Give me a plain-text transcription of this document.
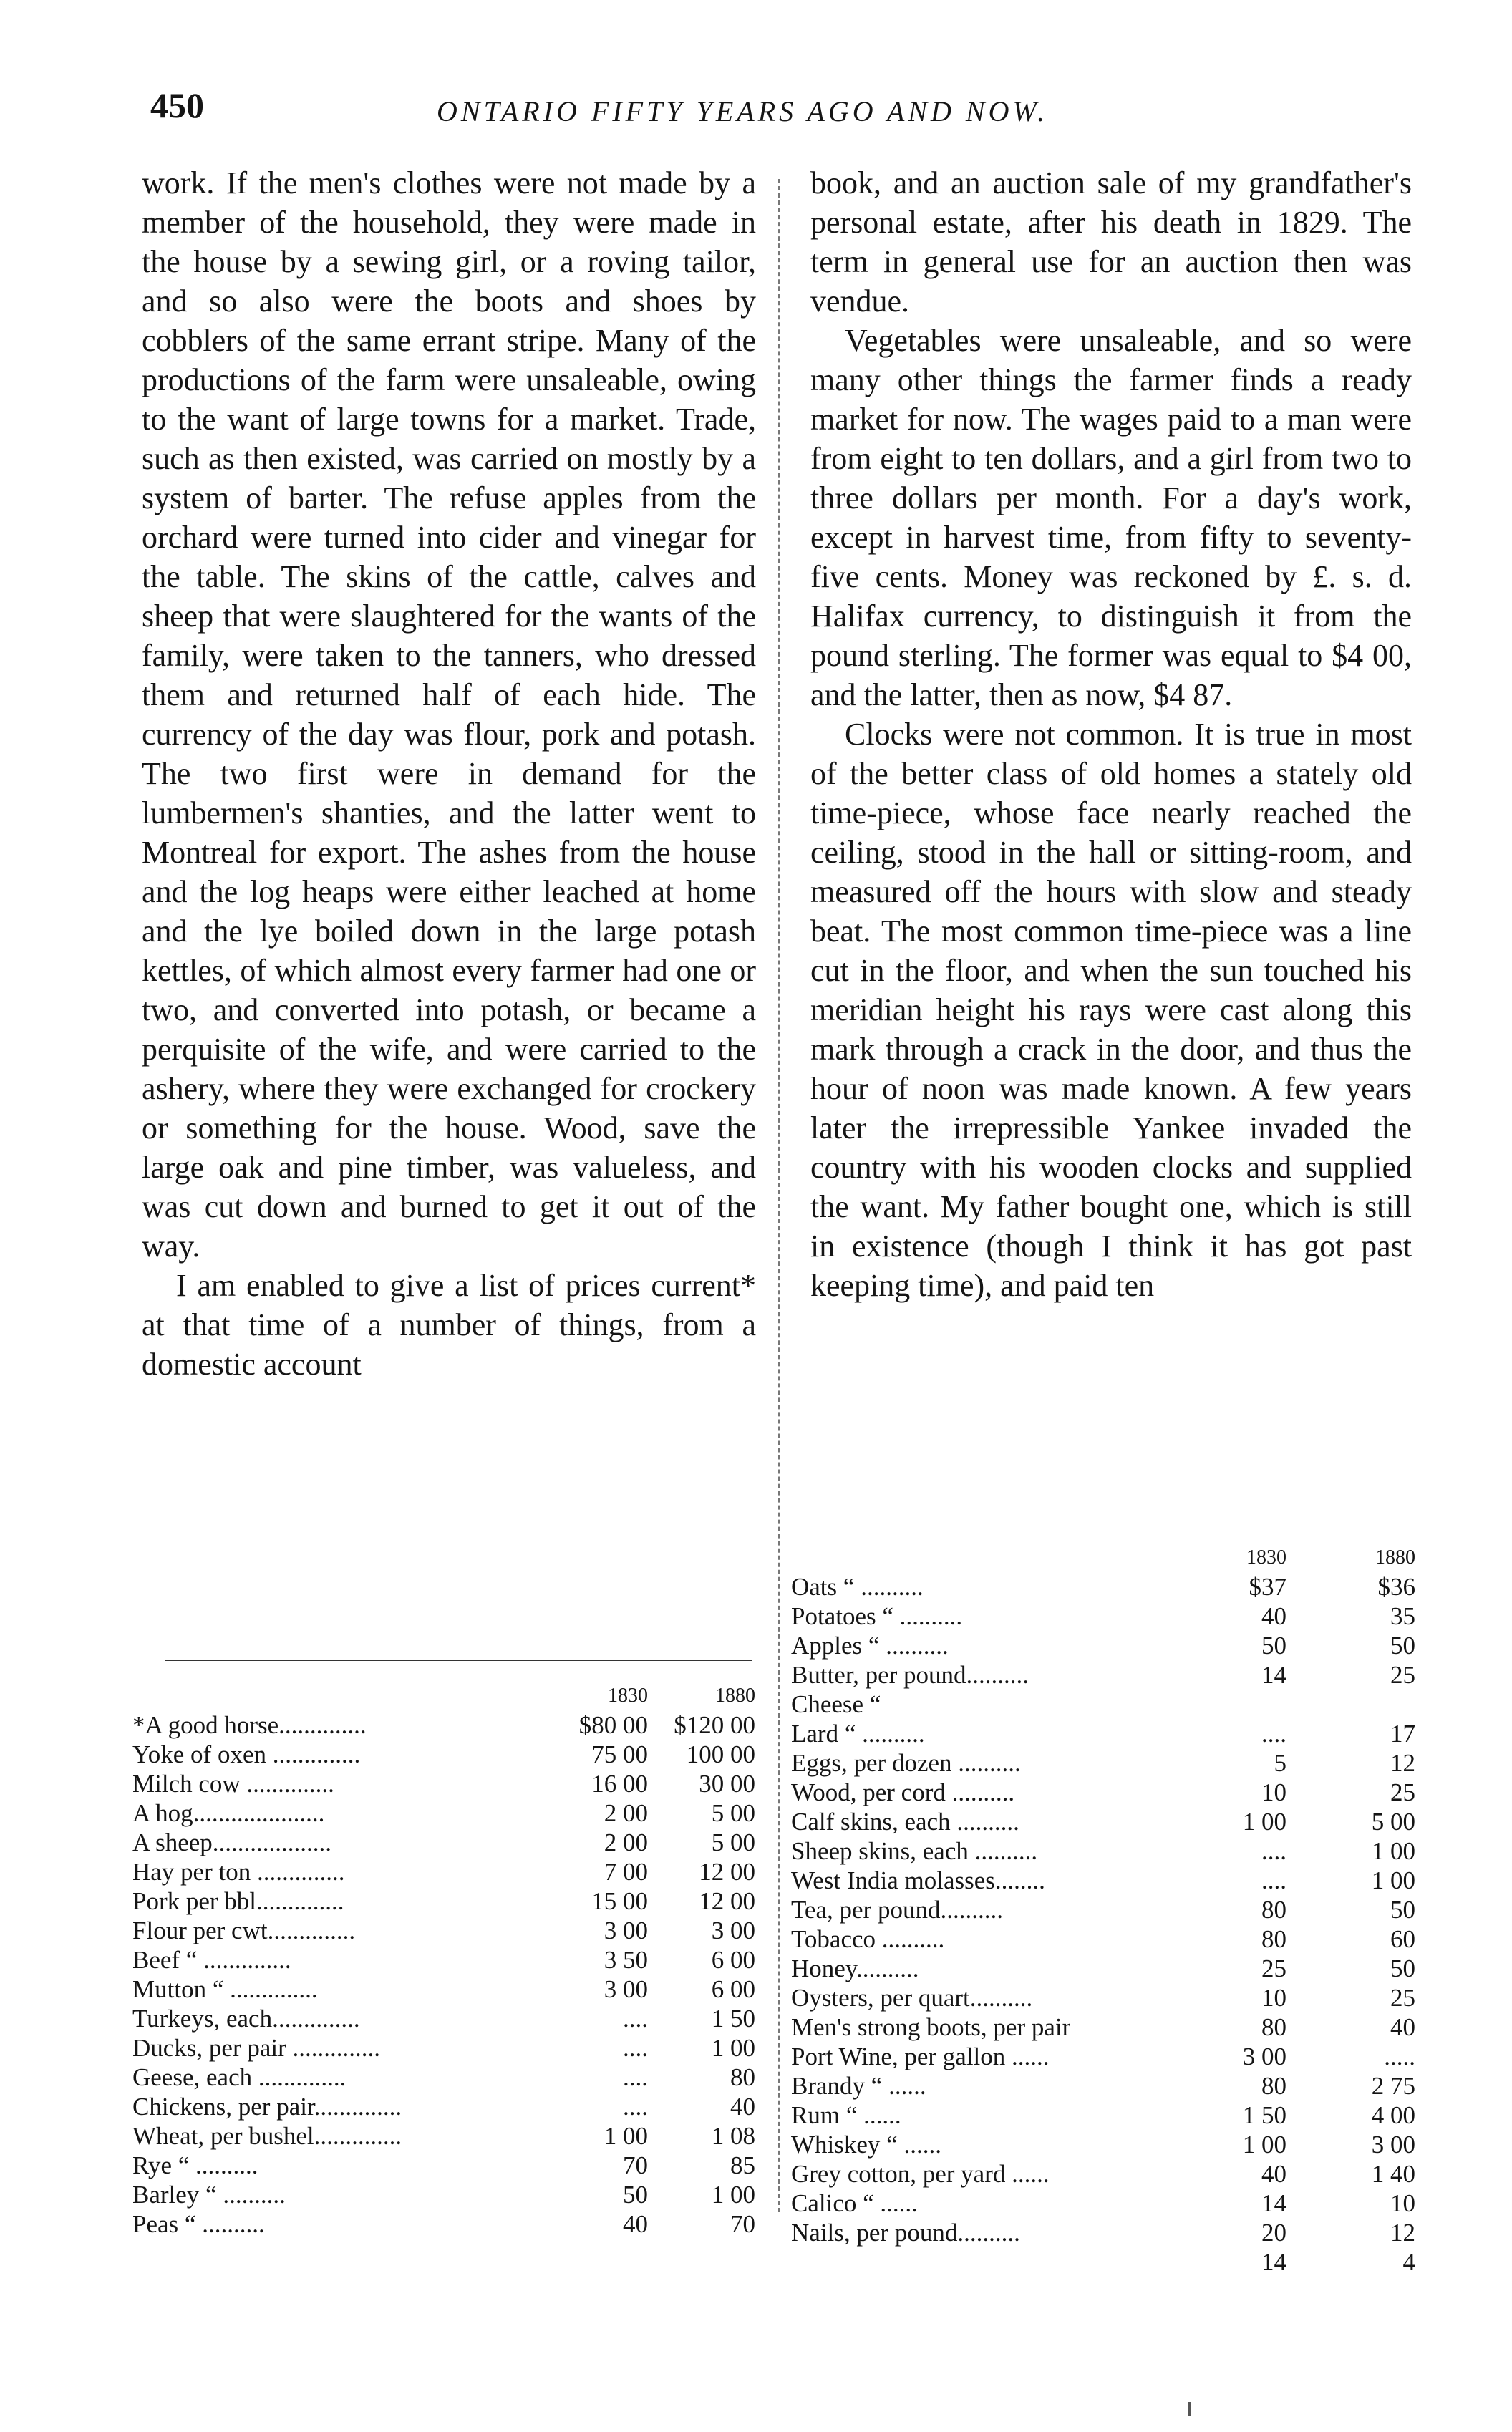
450	ONTARIO FIFTY YEARS AGO AND NOW.

work. If the men's clothes were not made by a member of the household, they were made in the house by a sewing girl, or a roving tailor, and so also were the boots and shoes by cobblers of the same errant stripe. Many of the productions of the farm were unsaleable, owing to the want of large towns for a market. Trade, such as then existed, was carried on mostly by a system of barter. The refuse apples from the orchard were turned into cider and vinegar for the table. The skins of the cattle, calves and sheep that were slaughtered for the wants of the family, were taken to the tanners, who dressed them and returned half of each hide. The currency of the day was flour, pork and potash. The two first were in demand for the lumbermen's shanties, and the latter went to Montreal for export. The ashes from the house and the log heaps were either leached at home and the lye boiled down in the large potash kettles, of which almost every farmer had one or two, and converted into potash, or became a perquisite of the wife, and were carried to the ashery, where they were exchanged for crockery or something for the house. Wood, save the large oak and pine timber, was valueless, and was cut down and burned to get it out of the way.

I am enabled to give a list of prices current* at that time of a number of things, from a domestic account

book, and an auction sale of my grandfather's personal estate, after his death in 1829. The term in general use for an auction then was vendue.

Vegetables were unsaleable, and so were many other things the farmer finds a ready market for now. The wages paid to a man were from eight to ten dollars, and a girl from two to three dollars per month. For a day's work, except in harvest time, from fifty to seventy-five cents. Money was reckoned by £. s. d. Halifax currency, to distinguish it from the pound sterling. The former was equal to $4 00, and the latter, then as now, $4 87.

Clocks were not common. It is true in most of the better class of old homes a stately old time-piece, whose face nearly reached the ceiling, stood in the hall or sitting-room, and measured off the hours with slow and steady beat. The most common time-piece was a line cut in the floor, and when the sun touched his meridian height his rays were cast along this mark through a crack in the door, and thus the hour of noon was made known. A few years later the irrepressible Yankee invaded the country with his wooden clocks and supplied the want. My father bought one, which is still in existence (though I think it has got past keeping time), and paid ten

1830	1880
*A good horse..............	$80 00	$120 00
Yoke of oxen ..............	75 00	100 00
Milch cow ..............	16 00	30 00
A hog.....................	2 00	5 00
A sheep...................	2 00	5 00
Hay per ton ..............	7 00	12 00
Pork per bbl..............	15 00	12 00
Flour per cwt..............	3 00	3 00
Beef “ ..............	3 50	6 00
Mutton “ ..............	3 00	6 00
Turkeys, each..............	....	1 50
Ducks, per pair ..............	....	1 00
Geese, each ..............	....	80
Chickens, per pair..............	....	40
Wheat, per bushel..............	1 00	1 08
Rye “ ..........	70	85
Barley “ ..........	50	1 00
Peas “ ..........	40	70
1830	1880
Oats “ ..........	$37	$36
Potatoes “ ..........	40	35
Apples “ ..........	50	50
Butter, per pound..........	14	25
Cheese “
Lard “ ..........	....	17
Eggs, per dozen ..........	5	12
Wood, per cord ..........	10	25
Calf skins, each ..........	1 00	5 00
Sheep skins, each ..........	....	1 00
West India molasses........	....	1 00
Tea, per pound..........	80	50
Tobacco ..........	80	60
Honey..........	25	50
Oysters, per quart..........	10	25
Men's strong boots, per pair	80	40
Port Wine, per gallon ......	3 00	.....
Brandy “ ......	80	2 75
Rum “ ......	1 50	4 00
Whiskey “ ......	1 00	3 00
Grey cotton, per yard ......	40	1 40
Calico “ ......	14	10
Nails, per pound..........	20	12
14	4
